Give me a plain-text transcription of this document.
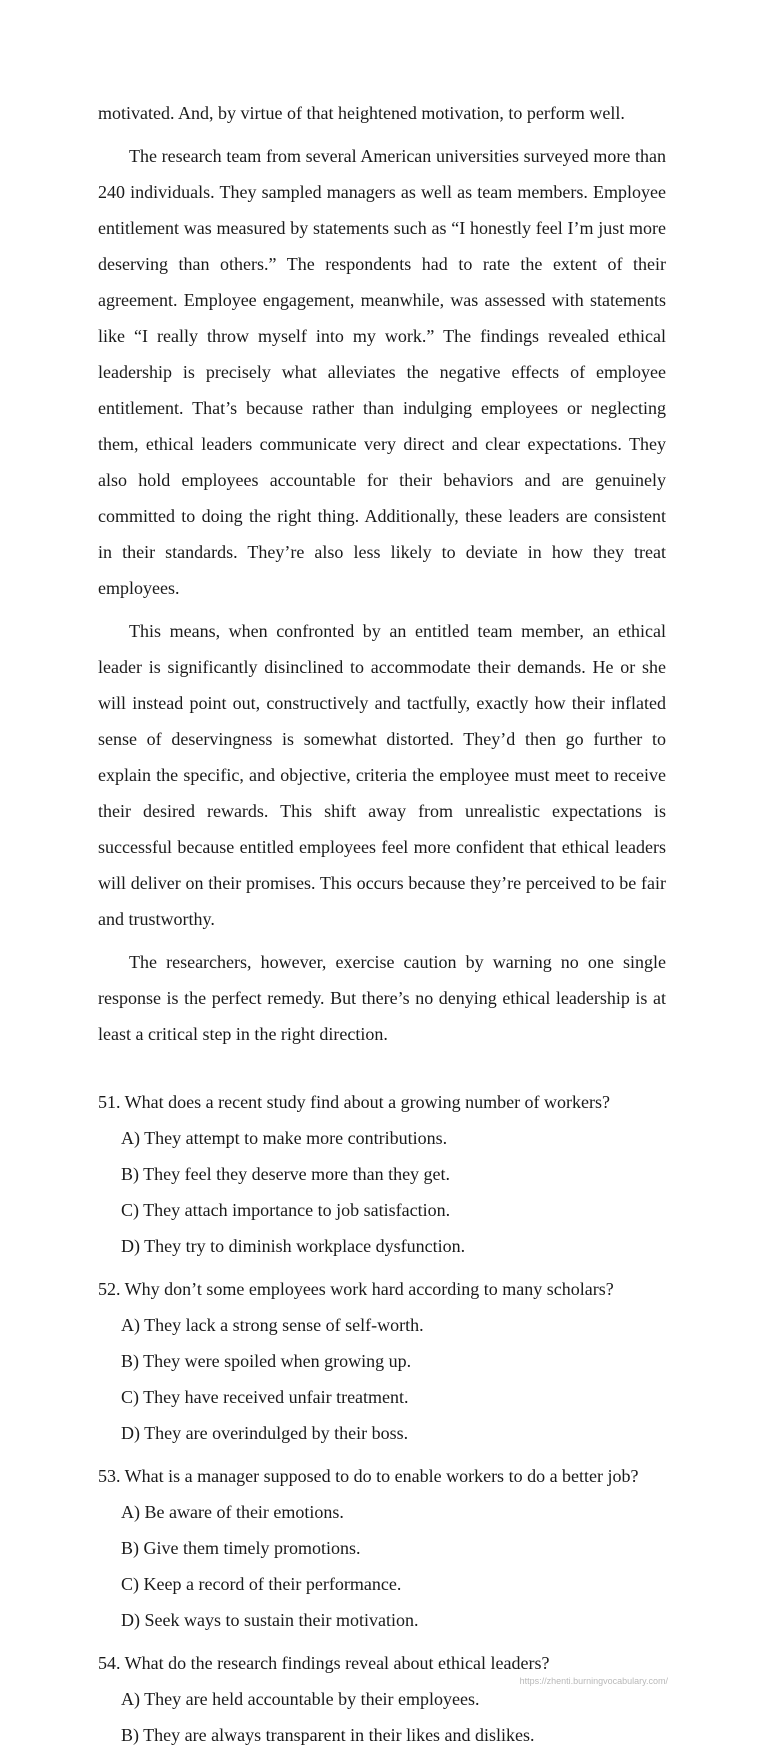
motivated. And, by virtue of that heightened motivation, to perform well.

The research team from several American universities surveyed more than 240 individuals. They sampled managers as well as team members. Employee entitlement was measured by statements such as “I honestly feel I’m just more deserving than others.” The respondents had to rate the extent of their agreement. Employee engagement, meanwhile, was assessed with statements like “I really throw myself into my work.” The findings revealed ethical leadership is precisely what alleviates the negative effects of employee entitlement. That’s because rather than indulging employees or neglecting them, ethical leaders communicate very direct and clear expectations. They also hold employees accountable for their behaviors and are genuinely committed to doing the right thing. Additionally, these leaders are consistent in their standards. They’re also less likely to deviate in how they treat employees.

This means, when confronted by an entitled team member, an ethical leader is significantly disinclined to accommodate their demands. He or she will instead point out, constructively and tactfully, exactly how their inflated sense of deservingness is somewhat distorted. They’d then go further to explain the specific, and objective, criteria the employee must meet to receive their desired rewards. This shift away from unrealistic expectations is successful because entitled employees feel more confident that ethical leaders will deliver on their promises. This occurs because they’re perceived to be fair and trustworthy.

The researchers, however, exercise caution by warning no one single response is the perfect remedy. But there’s no denying ethical leadership is at least a critical step in the right direction.

51. What does a recent study find about a growing number of workers?
A) They attempt to make more contributions.
B) They feel they deserve more than they get.
C) They attach importance to job satisfaction.
D) They try to diminish workplace dysfunction.
52. Why don’t some employees work hard according to many scholars?
A) They lack a strong sense of self-worth.
B) They were spoiled when growing up.
C) They have received unfair treatment.
D) They are overindulged by their boss.
53. What is a manager supposed to do to enable workers to do a better job?
A) Be aware of their emotions.
B) Give them timely promotions.
C) Keep a record of their performance.
D) Seek ways to sustain their motivation.
54. What do the research findings reveal about ethical leaders?
A) They are held accountable by their employees.
B) They are always transparent in their likes and dislikes.
https://zhenti.burningvocabulary.com/
